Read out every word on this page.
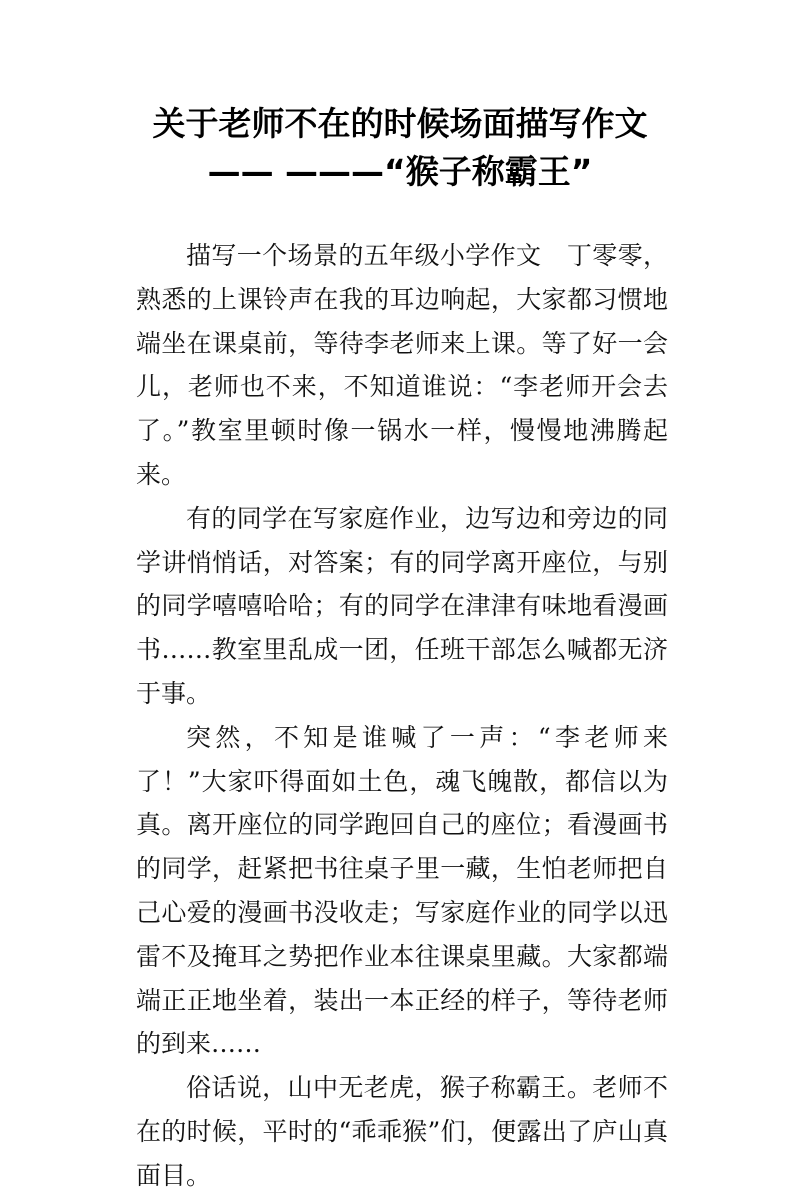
关于老师不在的时候场面描写作文 —— ———“猴子称霸王”

描写一个场景的五年级小学作文　丁零零，熟悉的上课铃声在我的耳边响起，大家都习惯地端坐在课桌前，等待李老师来上课。等了好一会儿，老师也不来，不知道谁说：“李老师开会去了。”教室里顿时像一锅水一样，慢慢地沸腾起来。

有的同学在写家庭作业，边写边和旁边的同学讲悄悄话，对答案；有的同学离开座位，与别的同学嘻嘻哈哈；有的同学在津津有味地看漫画书……教室里乱成一团，任班干部怎么喊都无济于事。

突然，不知是谁喊了一声：“李老师来了！”大家吓得面如土色，魂飞魄散，都信以为真。离开座位的同学跑回自己的座位；看漫画书的同学，赶紧把书往桌子里一藏，生怕老师把自己心爱的漫画书没收走；写家庭作业的同学以迅雷不及掩耳之势把作业本往课桌里藏。大家都端端正正地坐着，装出一本正经的样子，等待老师的到来……

俗话说，山中无老虎，猴子称霸王。老师不在的时候，平时的“乖乖猴”们，便露出了庐山真面目。
